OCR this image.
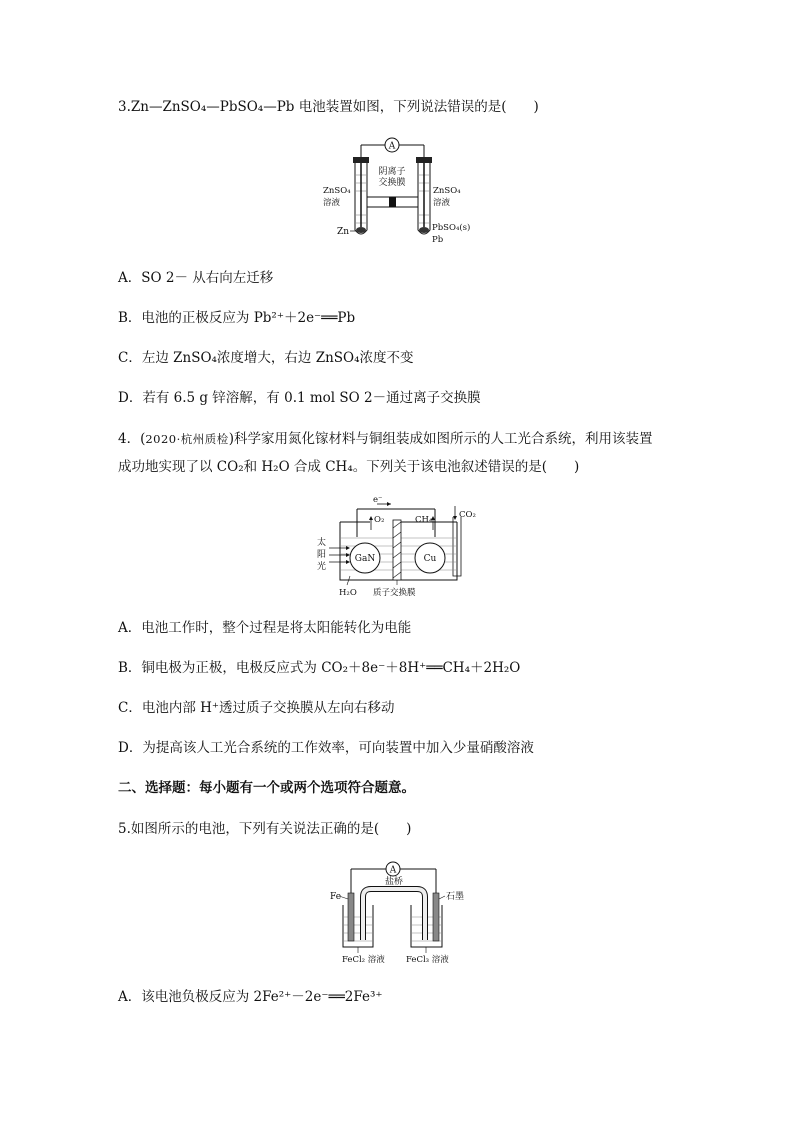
3.Zn—ZnSO₄—PbSO₄—Pb 电池装置如图，下列说法错误的是(　　)
A
阴离子
交换膜
ZnSO₄
溶液
ZnSO₄
溶液
Zn	PbSO₄(s)
Pb
A．SO 2－ 从右向左迁移
B．电池的正极反应为 Pb²⁺＋2e⁻══Pb
C．左边 ZnSO₄浓度增大，右边 ZnSO₄浓度不变
D．若有 6.5 g 锌溶解，有 0.1 mol SO 2－通过离子交换膜
4．(2020·杭州质检)科学家用氮化镓材料与铜组装成如图所示的人工光合系统，利用该装置
成功地实现了以 CO₂和 H₂O 合成 CH₄。下列关于该电池叙述错误的是(　　)
e⁻
GaN	Cu
O₂	CH₄	CO₂
太
阳
光
H₂O 质子交换膜
A．电池工作时，整个过程是将太阳能转化为电能
B．铜电极为正极，电极反应式为 CO₂＋8e⁻＋8H⁺══CH₄＋2H₂O
C．电池内部 H⁺透过质子交换膜从左向右移动
D．为提高该人工光合系统的工作效率，可向装置中加入少量硝酸溶液
二、选择题：每小题有一个或两个选项符合题意。
5.如图所示的电池，下列有关说法正确的是(　　)
A
盐桥
Fe	石墨
FeCl₂ 溶液 FeCl₃ 溶液
A．该电池负极反应为 2Fe²⁺－2e⁻══2Fe³⁺
